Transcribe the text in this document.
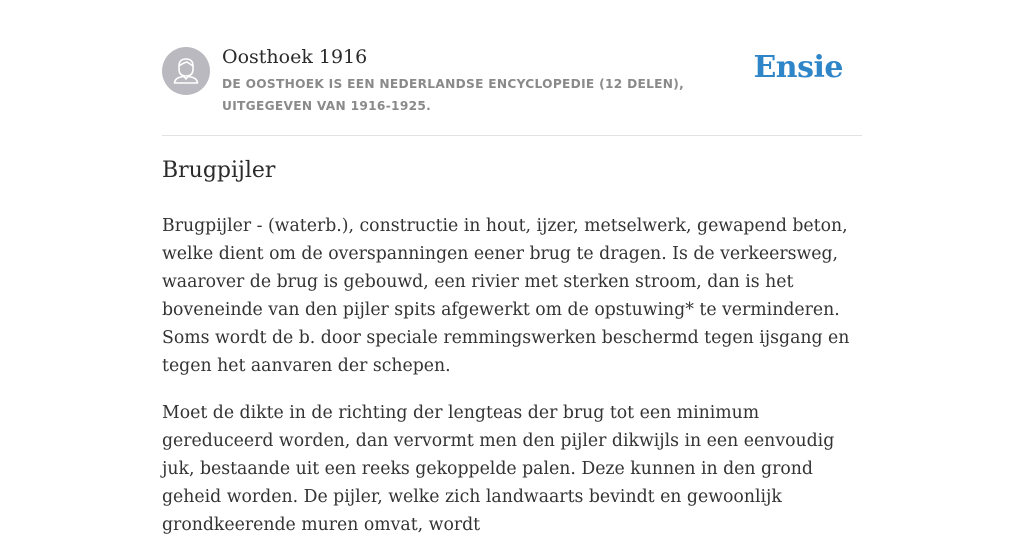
Oosthoek 1916
DE OOSTHOEK IS EEN NEDERLANDSE ENCYCLOPEDIE (12 DELEN), UITGEGEVEN VAN 1916-1925.
Ensie
Brugpijler

Brugpijler - (waterb.), constructie in hout, ijzer, metselwerk, gewapend beton, welke dient om de overspanningen eener brug te dragen. Is de verkeersweg, waarover de brug is gebouwd, een rivier met sterken stroom, dan is het boveneinde van den pijler spits afgewerkt om de opstuwing* te verminderen. Soms wordt de b. door speciale remmingswerken beschermd tegen ijsgang en tegen het aanvaren der schepen.

Moet de dikte in de richting der lengteas der brug tot een minimum gereduceerd worden, dan vervormt men den pijler dikwijls in een eenvoudig juk, bestaande uit een reeks gekoppelde palen. Deze kunnen in den grond geheid worden. De pijler, welke zich landwaarts bevindt en gewoonlijk grondkeerende muren omvat, wordt
